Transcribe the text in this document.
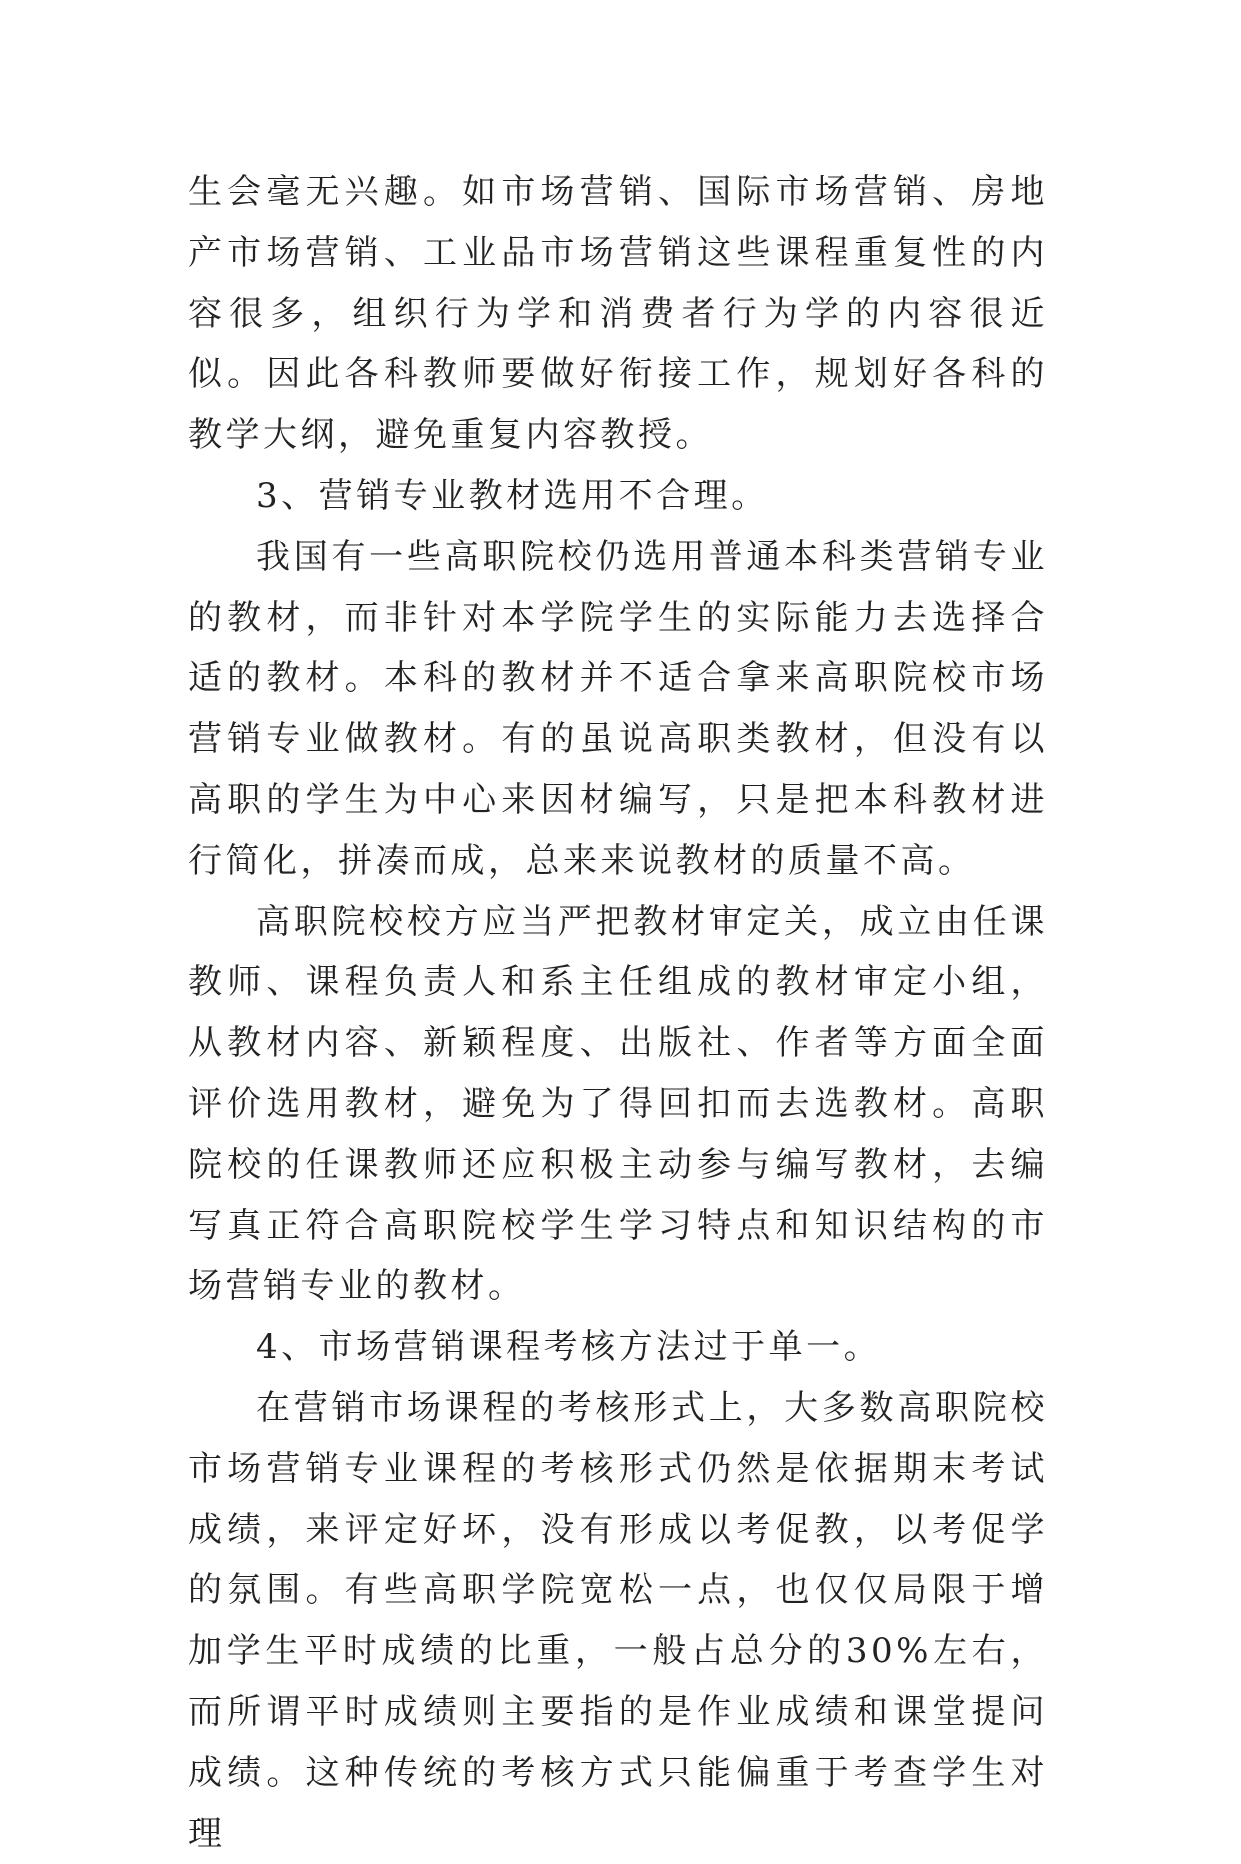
生会毫无兴趣。如市场营销、国际市场营销、房地产市场营销、工业品市场营销这些课程重复性的内容很多，组织行为学和消费者行为学的内容很近似。因此各科教师要做好衔接工作，规划好各科的教学大纲，避免重复内容教授。

3、营销专业教材选用不合理。

我国有一些高职院校仍选用普通本科类营销专业的教材，而非针对本学院学生的实际能力去选择合适的教材。本科的教材并不适合拿来高职院校市场营销专业做教材。有的虽说高职类教材，但没有以高职的学生为中心来因材编写，只是把本科教材进行简化，拼凑而成，总来来说教材的质量不高。

高职院校校方应当严把教材审定关，成立由任课教师、课程负责人和系主任组成的教材审定小组，从教材内容、新颖程度、出版社、作者等方面全面评价选用教材，避免为了得回扣而去选教材。高职院校的任课教师还应积极主动参与编写教材，去编写真正符合高职院校学生学习特点和知识结构的市场营销专业的教材。

4、市场营销课程考核方法过于单一。

在营销市场课程的考核形式上，大多数高职院校市场营销专业课程的考核形式仍然是依据期末考试成绩，来评定好坏，没有形成以考促教，以考促学的氛围。有些高职学院宽松一点，也仅仅局限于增加学生平时成绩的比重，一般占总分的30%左右，而所谓平时成绩则主要指的是作业成绩和课堂提问成绩。这种传统的考核方式只能偏重于考查学生对理
